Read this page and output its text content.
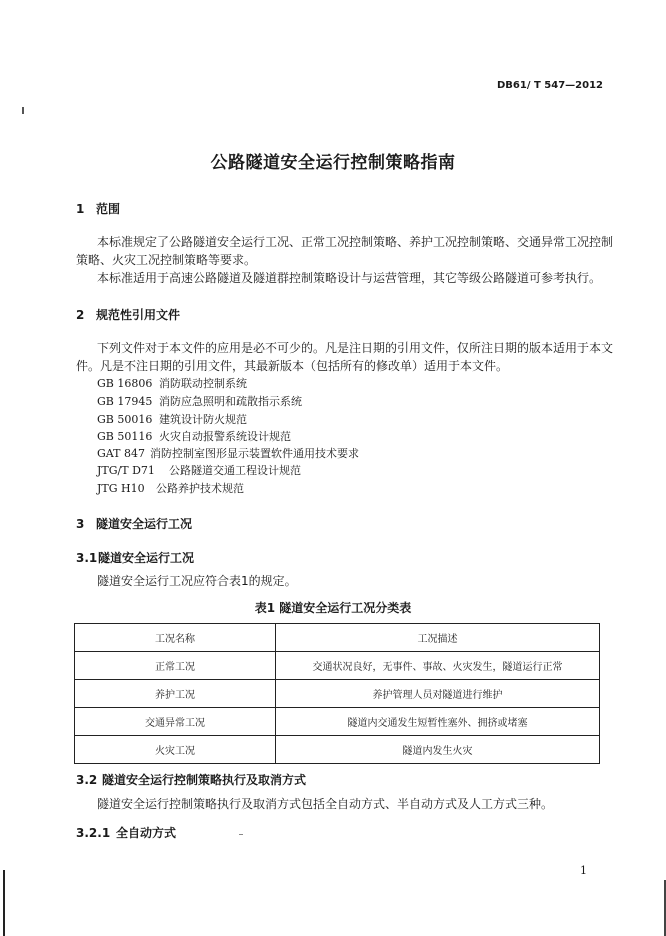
DB61/ T 547—2012
公路隧道安全运行控制策略指南
1 范围
本标准规定了公路隧道安全运行工况、正常工况控制策略、养护工况控制策略、交通异常工况控制
策略、火灾工况控制策略等要求。
本标准适用于高速公路隧道及隧道群控制策略设计与运营管理，其它等级公路隧道可参考执行。
2 规范性引用文件
下列文件对于本文件的应用是必不可少的。凡是注日期的引用文件，仅所注日期的版本适用于本文
件。凡是不注日期的引用文件，其最新版本（包括所有的修改单）适用于本文件。
GB 16806 消防联动控制系统
GB 17945 消防应急照明和疏散指示系统
GB 50016 建筑设计防火规范
GB 50116 火灾自动报警系统设计规范
GAT 847 消防控制室图形显示装置软件通用技术要求
JTG/T D71 公路隧道交通工程设计规范
JTG H10 公路养护技术规范
3 隧道安全运行工况
3.1隧道安全运行工况
隧道安全运行工况应符合表1的规定。
表1 隧道安全运行工况分类表
工况名称	工况描述
正常工况	交通状况良好，无事件、事故、火灾发生，隧道运行正常
养护工况	养护管理人员对隧道进行维护
交通异常工况	隧道内交通发生短暂性塞外、拥挤或堵塞
火灾工况	隧道内发生火灾
3.2 隧道安全运行控制策略执行及取消方式
隧道安全运行控制策略执行及取消方式包括全自动方式、半自动方式及人工方式三种。
3.2.1 全自动方式
1
